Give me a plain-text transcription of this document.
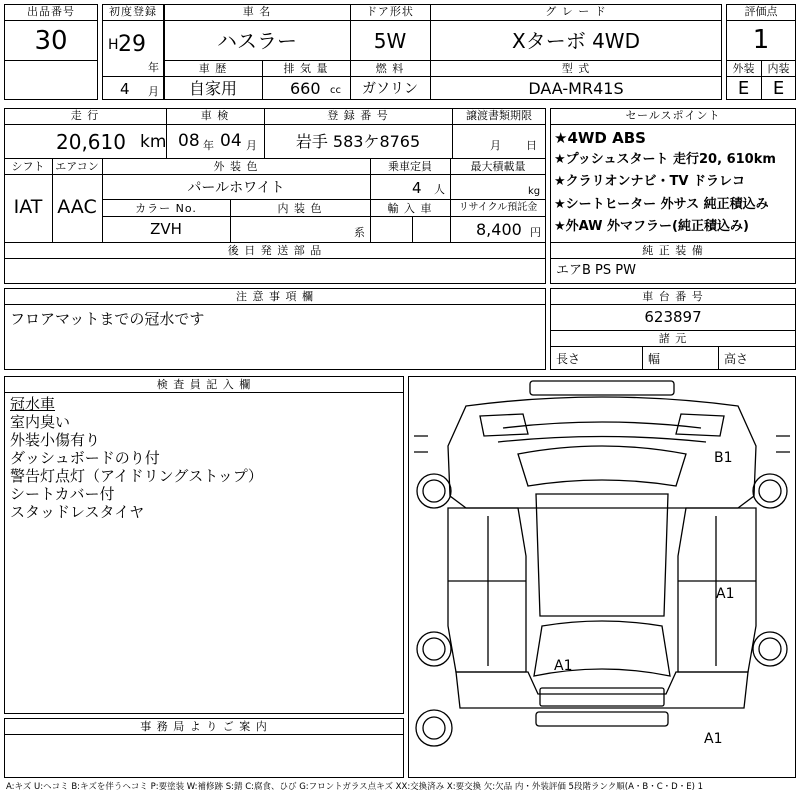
出品番号
30
初度登録
H 29
年
4 月
車 名
ハスラー
ドア形状
5W
グ レ ー ド
Xターボ 4WD
車 歴
自家用
排 気 量
660 cc
燃 料
ガソリン
型 式
DAA-MR41S
評価点
1
外装	内装
E	E
走 行
20,610 km
車 検
08 年 04 月
登 録 番 号
岩手 583ケ8765
譲渡書類期限
月 日
シフト
IAT
エアコン
AAC
外 装 色
パールホワイト
乗車定員
4 人
最大積載量
kg
カラー No.
ZVH
内 装 色
系
輸 入 車	リサイクル預託金
8,400 円
後 日 発 送 部 品
セールスポイント
★4WD ABS
★プッシュスタート 走行20, 610km
★クラリオンナビ・TV ドラレコ
★シートヒーター 外サス 純正積込み
★外AW 外マフラー(純正積込み)
純 正 装 備
エアB PS PW
注 意 事 項 欄
フロアマットまでの冠水です
車 台 番 号
623897
諸 元
長さ	幅	高さ
検 査 員 記 入 欄
冠水車
室内臭い
外装小傷有り
ダッシュボードのり付
警告灯点灯（アイドリングストップ）
シートカバー付
スタッドレスタイヤ
事 務 局 よ り ご 案 内
B1
A1
A1
A1
A:キズ U:ヘコミ B:キズを伴うヘコミ P:要塗装 W:補修跡 S:錆 C:腐食、ひび G:フロントガラス点キズ XX:交換済み X:要交換 欠:欠品 内・外装評価 5段階ランク順(A・B・C・D・E) 1
